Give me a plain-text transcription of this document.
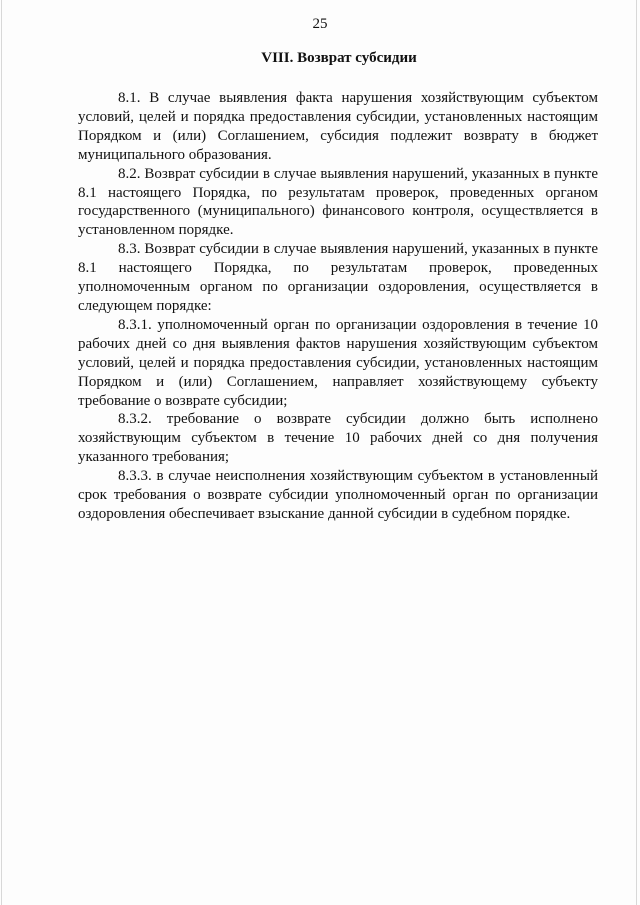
25
VIII. Возврат субсидии

8.1. В случае выявления факта нарушения хозяйствующим субъектом условий, целей и порядка предоставления субсидии, установленных настоящим Порядком и (или) Соглашением, субсидия подлежит возврату в бюджет муниципального образования.

8.2. Возврат субсидии в случае выявления нарушений, указанных в пункте 8.1 настоящего Порядка, по результатам проверок, проведенных органом государственного (муниципального) финансового контроля, осуществляется в установленном порядке.

8.3. Возврат субсидии в случае выявления нарушений, указанных в пункте 8.1 настоящего Порядка, по результатам проверок, проведенных уполномоченным органом по организации оздоровления, осуществляется в следующем порядке:

8.3.1. уполномоченный орган по организации оздоровления в течение 10 рабочих дней со дня выявления фактов нарушения хозяйствующим субъектом условий, целей и порядка предоставления субсидии, установленных настоящим Порядком и (или) Соглашением, направляет хозяйствующему субъекту требование о возврате субсидии;

8.3.2. требование о возврате субсидии должно быть исполнено хозяйствующим субъектом в течение 10 рабочих дней со дня получения указанного требования;

8.3.3. в случае неисполнения хозяйствующим субъектом в установленный срок требования о возврате субсидии уполномоченный орган по организации оздоровления обеспечивает взыскание данной субсидии в судебном порядке.
